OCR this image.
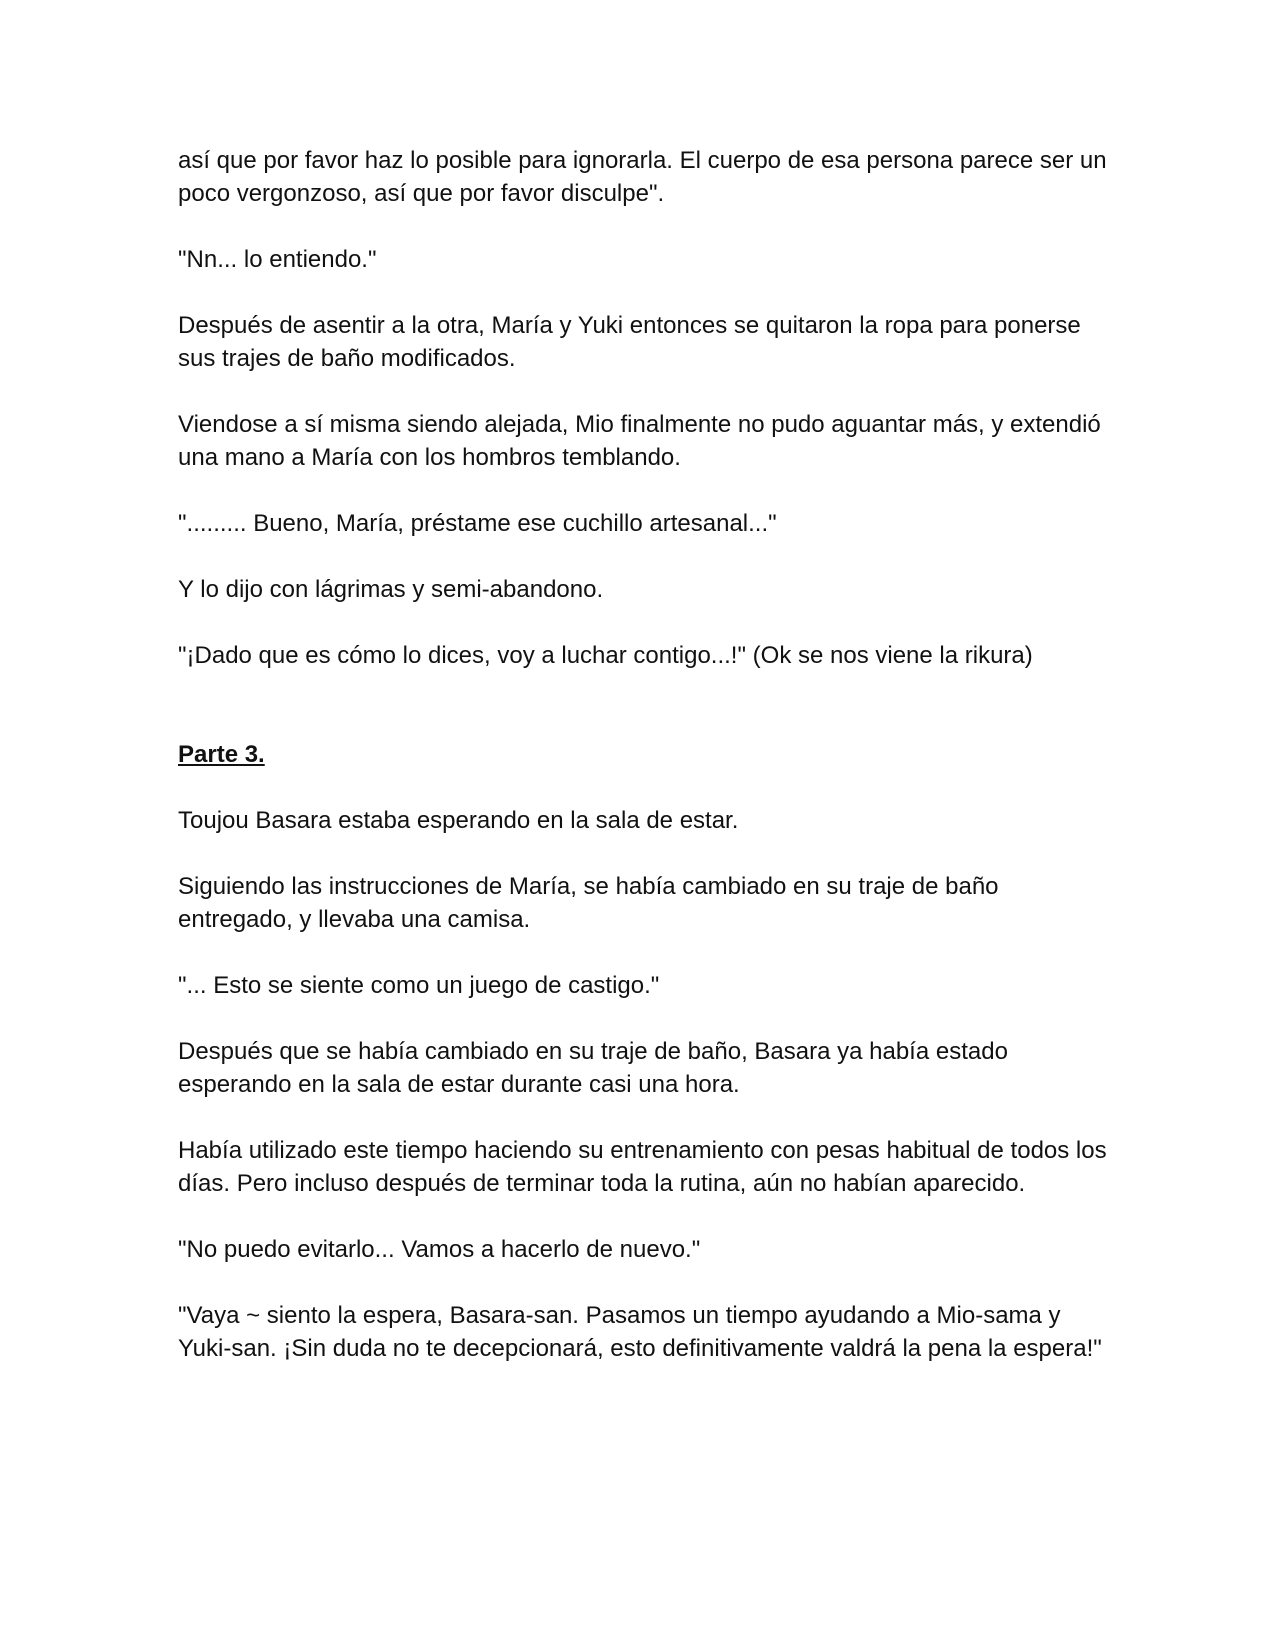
así que por favor haz lo posible para ignorarla. El cuerpo de esa persona parece ser un poco vergonzoso, así que por favor disculpe".

"Nn... lo entiendo."

Después de asentir a la otra, María y Yuki entonces se quitaron la ropa para ponerse sus trajes de baño modificados.

Viendose a sí misma siendo alejada, Mio finalmente no pudo aguantar más, y extendió una mano a María con los hombros temblando.

"......... Bueno, María, préstame ese cuchillo artesanal..."

Y lo dijo con lágrimas y semi-abandono.

"¡Dado que es cómo lo dices, voy a luchar contigo...!" (Ok se nos viene la rikura)

Parte 3.

Toujou Basara estaba esperando en la sala de estar.

Siguiendo las instrucciones de María, se había cambiado en su traje de baño entregado, y llevaba una camisa.

"... Esto se siente como un juego de castigo."

Después que se había cambiado en su traje de baño, Basara ya había estado esperando en la sala de estar durante casi una hora.

Había utilizado este tiempo haciendo su entrenamiento con pesas habitual de todos los días. Pero incluso después de terminar toda la rutina, aún no habían aparecido.

"No puedo evitarlo... Vamos a hacerlo de nuevo."

"Vaya ~ siento la espera, Basara-san. Pasamos un tiempo ayudando a Mio-sama y Yuki-san. ¡Sin duda no te decepcionará, esto definitivamente valdrá la pena la espera!"
